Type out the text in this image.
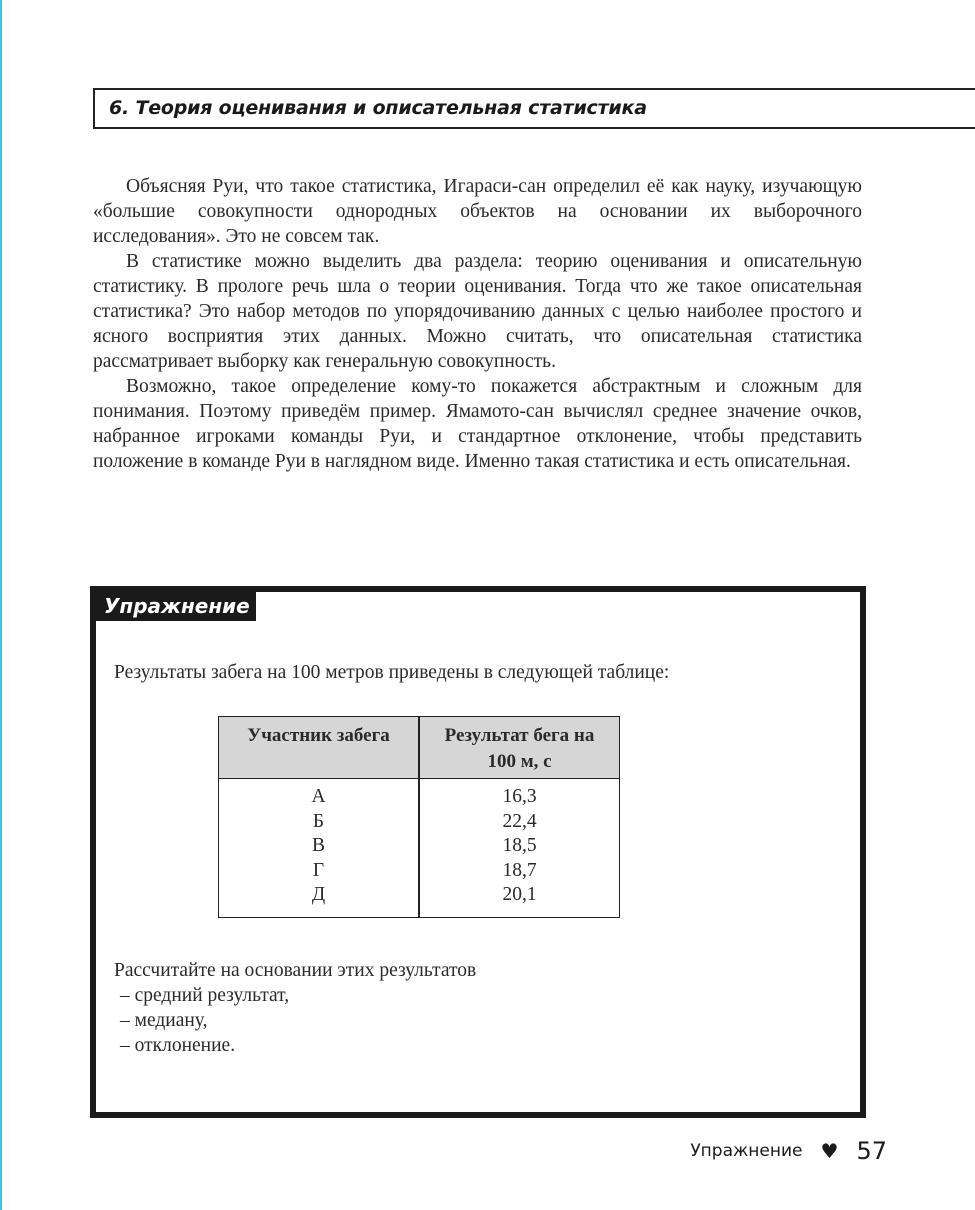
6. Теория оценивания и описательная статистика

Объясняя Руи, что такое статистика, Игараси-сан определил её как науку, изучающую «большие совокупности однородных объектов на основании их выборочного исследования». Это не совсем так.

В статистике можно выделить два раздела: теорию оценивания и описательную статистику. В прологе речь шла о теории оценивания. Тогда что же такое описательная статистика? Это набор методов по упорядочиванию данных с целью наиболее простого и ясного восприятия этих данных. Можно считать, что описательная статистика рассматривает выборку как генеральную совокупность.

Возможно, такое определение кому-то покажется абстрактным и сложным для понимания. Поэтому приведём пример. Ямамото-сан вычислял среднее значение очков, набранное игроками команды Руи, и стандартное отклонение, чтобы представить положение в команде Руи в наглядном виде. Именно такая статистика и есть описательная.

Упражнение
Результаты забега на 100 метров приведены в следующей таблице:
Участник забега	Результат бега на 100 м, с
А
Б
В
Г
Д
16,3
22,4
18,5
18,7
20,1
Рассчитайте на основании этих результатов
– средний результат,
– медиану,
– отклонение.
Упражнение ♥ 57
